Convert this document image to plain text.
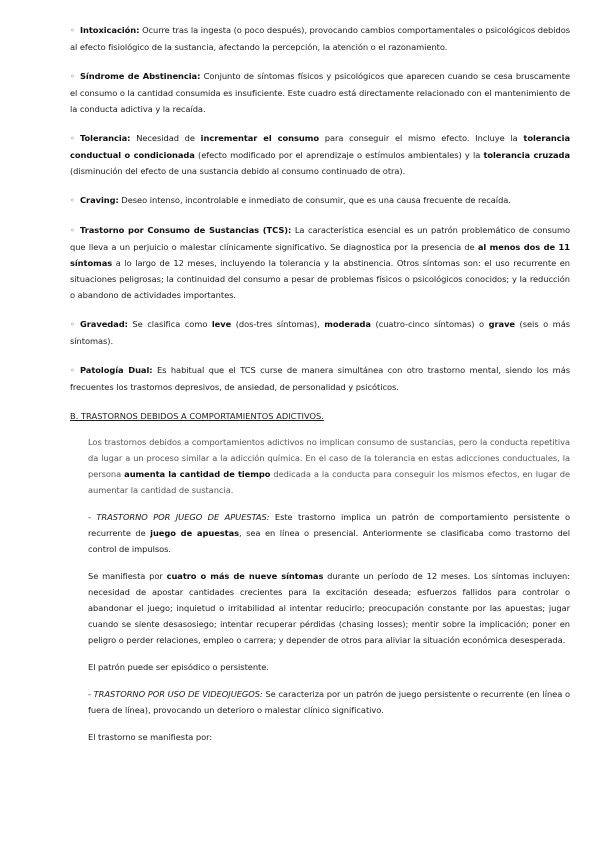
◦ Intoxicación: Ocurre tras la ingesta (o poco después), provocando cambios comportamentales o psicológicos debidos al efecto fisiológico de la sustancia, afectando la percepción, la atención o el razonamiento.

◦ Síndrome de Abstinencia: Conjunto de síntomas físicos y psicológicos que aparecen cuando se cesa bruscamente el consumo o la cantidad consumida es insuficiente. Este cuadro está directamente relacionado con el mantenimiento de la conducta adictiva y la recaída.

◦ Tolerancia: Necesidad de incrementar el consumo para conseguir el mismo efecto. Incluye la tolerancia conductual o condicionada (efecto modificado por el aprendizaje o estímulos ambientales) y la tolerancia cruzada (disminución del efecto de una sustancia debido al consumo continuado de otra).

◦ Craving: Deseo intenso, incontrolable e inmediato de consumir, que es una causa frecuente de recaída.

◦ Trastorno por Consumo de Sustancias (TCS): La característica esencial es un patrón problemático de consumo que lleva a un perjuicio o malestar clínicamente significativo. Se diagnostica por la presencia de al menos dos de 11 síntomas a lo largo de 12 meses, incluyendo la tolerancia y la abstinencia. Otros síntomas son: el uso recurrente en situaciones peligrosas; la continuidad del consumo a pesar de problemas físicos o psicológicos conocidos; y la reducción o abandono de actividades importantes.

◦ Gravedad: Se clasifica como leve (dos-tres síntomas), moderada (cuatro-cinco síntomas) o grave (seis o más síntomas).

◦ Patología Dual: Es habitual que el TCS curse de manera simultánea con otro trastorno mental, siendo los más frecuentes los trastornos depresivos, de ansiedad, de personalidad y psicóticos.

B. TRASTORNOS DEBIDOS A COMPORTAMIENTOS ADICTIVOS.

Los trastornos debidos a comportamientos adictivos no implican consumo de sustancias, pero la conducta repetitiva da lugar a un proceso similar a la adicción química. En el caso de la tolerancia en estas adicciones conductuales, la persona aumenta la cantidad de tiempo dedicada a la conducta para conseguir los mismos efectos, en lugar de aumentar la cantidad de sustancia.

- TRASTORNO POR JUEGO DE APUESTAS: Este trastorno implica un patrón de comportamiento persistente o recurrente de juego de apuestas, sea en línea o presencial. Anteriormente se clasificaba como trastorno del control de impulsos.

Se manifiesta por cuatro o más de nueve síntomas durante un período de 12 meses. Los síntomas incluyen: necesidad de apostar cantidades crecientes para la excitación deseada; esfuerzos fallidos para controlar o abandonar el juego; inquietud o irritabilidad al intentar reducirlo; preocupación constante por las apuestas; jugar cuando se siente desasosiego; intentar recuperar pérdidas (chasing losses); mentir sobre la implicación; poner en peligro o perder relaciones, empleo o carrera; y depender de otros para aliviar la situación económica desesperada.

El patrón puede ser episódico o persistente.

- TRASTORNO POR USO DE VIDEOJUEGOS: Se caracteriza por un patrón de juego persistente o recurrente (en línea o fuera de línea), provocando un deterioro o malestar clínico significativo.

El trastorno se manifiesta por:
